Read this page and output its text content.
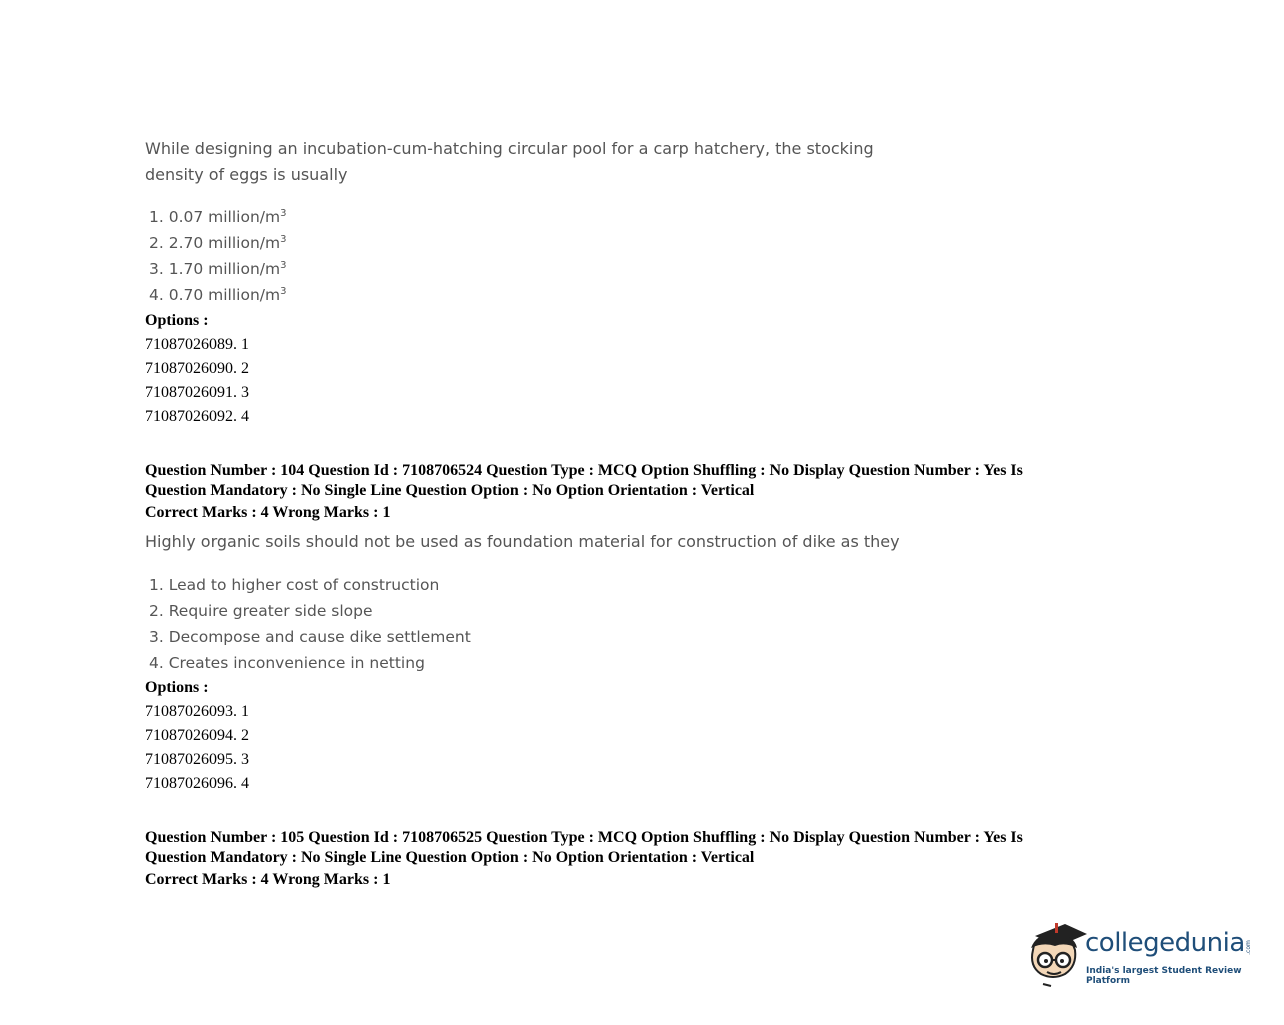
While designing an incubation-cum-hatching circular pool for a carp hatchery, the stocking
density of eggs is usually
1. 0.07 million/$m^3$
2. 2.70 million/$m^3$
3. 1.70 million/$m^3$
4. 0.70 million/$m^3$
Options :
71087026089. 1
71087026090. 2
71087026091. 3
71087026092. 4
Question Number : 104 Question Id : 7108706524 Question Type : MCQ Option Shuffling : No Display Question Number : Yes Is
Question Mandatory : No Single Line Question Option : No Option Orientation : Vertical
Correct Marks : 4 Wrong Marks : 1
Highly organic soils should not be used as foundation material for construction of dike as they
1. Lead to higher cost of construction
2. Require greater side slope
3. Decompose and cause dike settlement
4. Creates inconvenience in netting
Options :
71087026093. 1
71087026094. 2
71087026095. 3
71087026096. 4
Question Number : 105 Question Id : 7108706525 Question Type : MCQ Option Shuffling : No Display Question Number : Yes Is
Question Mandatory : No Single Line Question Option : No Option Orientation : Vertical
Correct Marks : 4 Wrong Marks : 1
collegedunia .com
India's largest Student Review Platform
